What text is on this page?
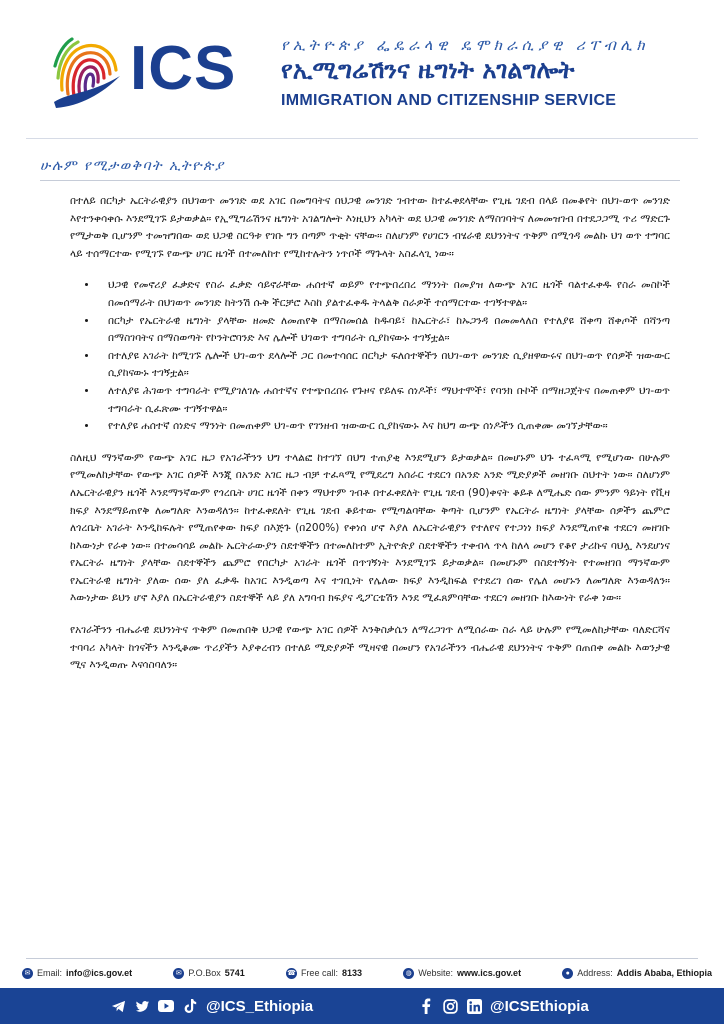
ICS	የኢትዮጵያ ፌዴራላዊ ዴሞክራሲያዊ ሪፐብሊክ
የኢሚግሬሽንና ዜግነት አገልግሎት
IMMIGRATION AND CITIZENSHIP SERVICE
ሁሉም የሚታወቅባት ኢትዮጵያ

በተለይ በርካታ ኤርትራዊያን በህገወጥ መንገድ ወደ አገር በመግባትና በህጋዊ መንገድ ገብተው ከተፈቀደላቸው የጊዜ ገደብ በላይ በመቆየት በህገ-ወጥ መንገድ እየተንቀሳቀሱ እንደሚገኙ ይታወቃል። የኢሚግሬሽንና ዜግነት አገልግሎት እነዚህን አካላት ወደ ህጋዊ መንገድ ለማስገባትና ለመመዝገብ በተደጋጋሚ ጥሪ ማድርጉ የሚታወቅ ቢሆንም ተመዝግበው ወደ ህጋዊ ስርዓቱ የገቡ ግን በጣም ጥቂት ናቸው። ስለሆነም የሀገርን ብሄራዊ ደህንነትና ጥቅም በሚጎዳ መልኩ ህገ ወጥ ተግባር ላይ ተሰማርተው የሚገኙ የውጭ ሀገር ዜጎች በተመለከተ የሚከተሉትን ነጥቦች ማጉላት አስፈላጊ ነው።

• ህጋዊ የመኖሪያ ፈቃድና የስራ ፈቃድ ሳይኖራቸው ሐሰተኛ ወይም የተጭበረበረ ማንነት በመያዝ ለውጭ አገር ዜጎች ባልተፈቀዱ የስራ መስኮች በመሰማራት በህገወጥ መንገድ ከትንሽ ሱቅ ችርቻሮ እስከ ያልተፈቀዱ ትላልቅ ስራዎች ተሰማርተው ተገኝተዋል።
• በርካታ የኤርትራዊ ዜግነት ያላቸው ዘመድ ለመጠየቅ በማስመሰል ከዱባይ፣ ከኤርትራ፣ ከኡጋንዳ በመመላለስ የተለያዩ ሸቀጣ ሸቀጦች በሻንጣ በማስገባትና በማስወጣት የኮንትሮባንድ እና ሌሎች ህገወጥ ተግባራት ሲያከናውኑ ተገኝቷል።
• በተለያዩ አገራት ከሚገኙ ሌሎች ህገ-ወጥ ደላሎች ጋር በመተሳሰር በርካታ ፍለሰተኞችን በህገ-ወጥ መንገድ ሲያዘዋውሩና በህገ-ወጥ የሰዎች ዝውውር ሲያከናውኑ ተገኝቷል።
• ለተለያዩ ሕገወጥ ተግባራት የሚያገለገሉ ሐሰተኛና የተጭበረበሩ የጉዞና የይለፍ ሰነዶች፣ ማህተሞች፣ የባንክ ቡኮች በማዘጋጀትና በመጠቀም ህገ-ወጥ ተግባራት ሲፈጽሙ ተገኝተዋል።
• የተለያዩ ሐሰተኛ ሰነድና ማንነት በመጠቀም ህገ-ወጥ የገንዘብ ዝውውር ሲያከናውኑ እና ከህግ ውጭ ሰነዶችን ሲጠቀሙ መገኘታቸው።

ስለዚህ ማንኛውም የውጭ አገር ዜጋ የአገራችንን ህግ ተላልፎ ከተገኘ በህግ ተጠያቂ እንደሚሆን ይታወቃል። በመሆኑም ህጉ ተፈጻሚ የሚሆነው በሁሉም የሚመለከታቸው የውጭ አገር ሰዎች እንጂ በአንድ አገር ዜጋ ብቻ ተፈጻሚ የሚደረግ አሰራር ተደርጎ በአንድ አንድ ሚድያዎች መዘገቡ ስህተት ነው። ስለሆነም ለኤርትራዊያን ዜጎች እንደማንኛውም የጎረቤት ሀገር ዜጎች በቀን ማህተም ገብቶ በተፈቀደለት የጊዜ ገደብ (90)ቀናት ቆይቶ ለሚሔድ ሰው ምንም ዓይነት የቪዛ ክፍያ እንደማይጠየቅ ለመግለጽ እንወዳለን። ከተፈቀደለት የጊዜ ገደብ ቆይተው የሚጣልባቸው ቅጣት ቢሆንም የኤርትራ ዜግነት ያላቸው ሰዎችን ጨምሮ ለጎረቤት አገራት እንዲከፍሉት የሚጠየቀው ክፍያ በእጅጉ (በ200%) የቀነሰ ሆኖ እያለ ለኤርትራዊያን የተለየና የተጋነነ ክፍያ እንደሚጠየቁ ተደርጎ መዘገቡ ከእውነታ የራቀ ነው። በተመሳሳይ መልኩ ኤርትራውያን ስደተኞችን በተመለከተም ኢትዮጵያ ስደተኞችን ተቀብላ ጥላ ከለላ መሆን የቆየ ታሪኩና ባህሏ እንደሆነና የኤርትራ ዜግነት ያላቸው ስደተኞችን ጨምሮ የበርካታ አገራት ዜጎች በጥገኝነት እንደሚገኙ ይታወቃል። በመሆኑም በስደተኝነት የተመዘገበ ማንኛውም የኤርትራዊ ዜግነት ያለው ሰው ያለ ፈቃዱ ከአገር እንዲወጣ እና ተገቢነት የሌለው ክፍያ እንዲከፍል የተደረገ ሰው የሌለ መሆኑን ለመግለጽ እንወዳለን። እውነታው ይህን ሆኖ እያለ በኤርትራዊያን ስደተኞች ላይ ያለ አግባብ ክፍያና ዲፖርቴሽን እንደ ሚፈጸምባቸው ተደርጎ መዘገቡ ከእውነት የራቀ ነው።

የአገራችንን ብሔራዊ ደህንነትና ጥቅም በመጠበቅ ህጋዊ የውጭ አገር ሰዎች እንቅስቃሴን ለማረጋገጥ ለሚሰራው ስራ ላይ ሁሉም የሚመለከታቸው ባለድርሻና ተባባሪ አካላት ከጎናችን እንዲቆሙ ጥሪያችን እያቀረብን በተለይ ሚድያዎች ሚዛናዊ በመሆን የአገራችንን ብሔራዊ ደህንነትና ጥቅም በጠበቀ መልኩ እወንታዊ ሚና እንዲወጡ እናሳስባለን።

✉ Email: info@ics.gov.et	✉ P.O.Box 5741	☎ Free call: 8133	◍ Website: www.ics.gov.et	● Address: Addis Ababa, Ethiopia
@ICS_Ethiopia	@ICSEthiopia
